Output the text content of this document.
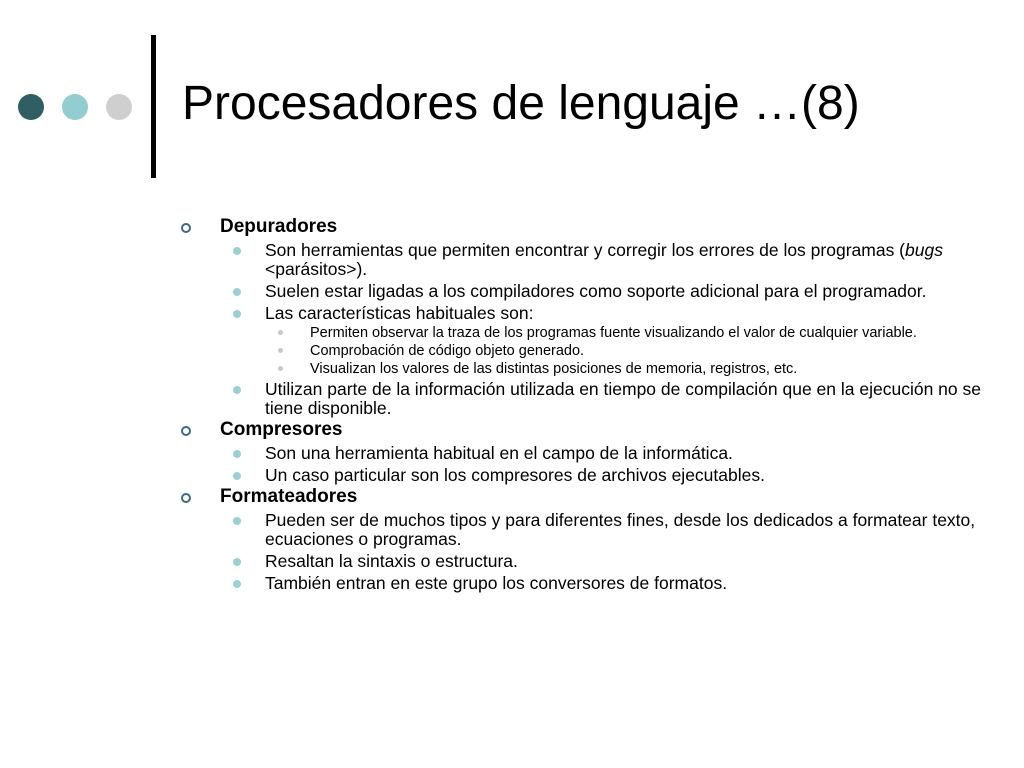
Procesadores de lenguaje …(8)
Depuradores
Son herramientas que permiten encontrar y corregir los errores de los programas (bugs <parásitos>).
Suelen estar ligadas a los compiladores como soporte adicional para el programador.
Las características habituales son:
Permiten observar la traza de los programas fuente visualizando el valor de cualquier variable.
Comprobación de código objeto generado.
Visualizan los valores de las distintas posiciones de memoria, registros, etc.
Utilizan parte de la información utilizada en tiempo de compilación que en la ejecución no se tiene disponible.
Compresores
Son una herramienta habitual en el campo de la informática.
Un caso particular son los compresores de archivos ejecutables.
Formateadores
Pueden ser de muchos tipos y para diferentes fines, desde los dedicados a formatear texto, ecuaciones o programas.
Resaltan la sintaxis o estructura.
También entran en este grupo los conversores de formatos.
